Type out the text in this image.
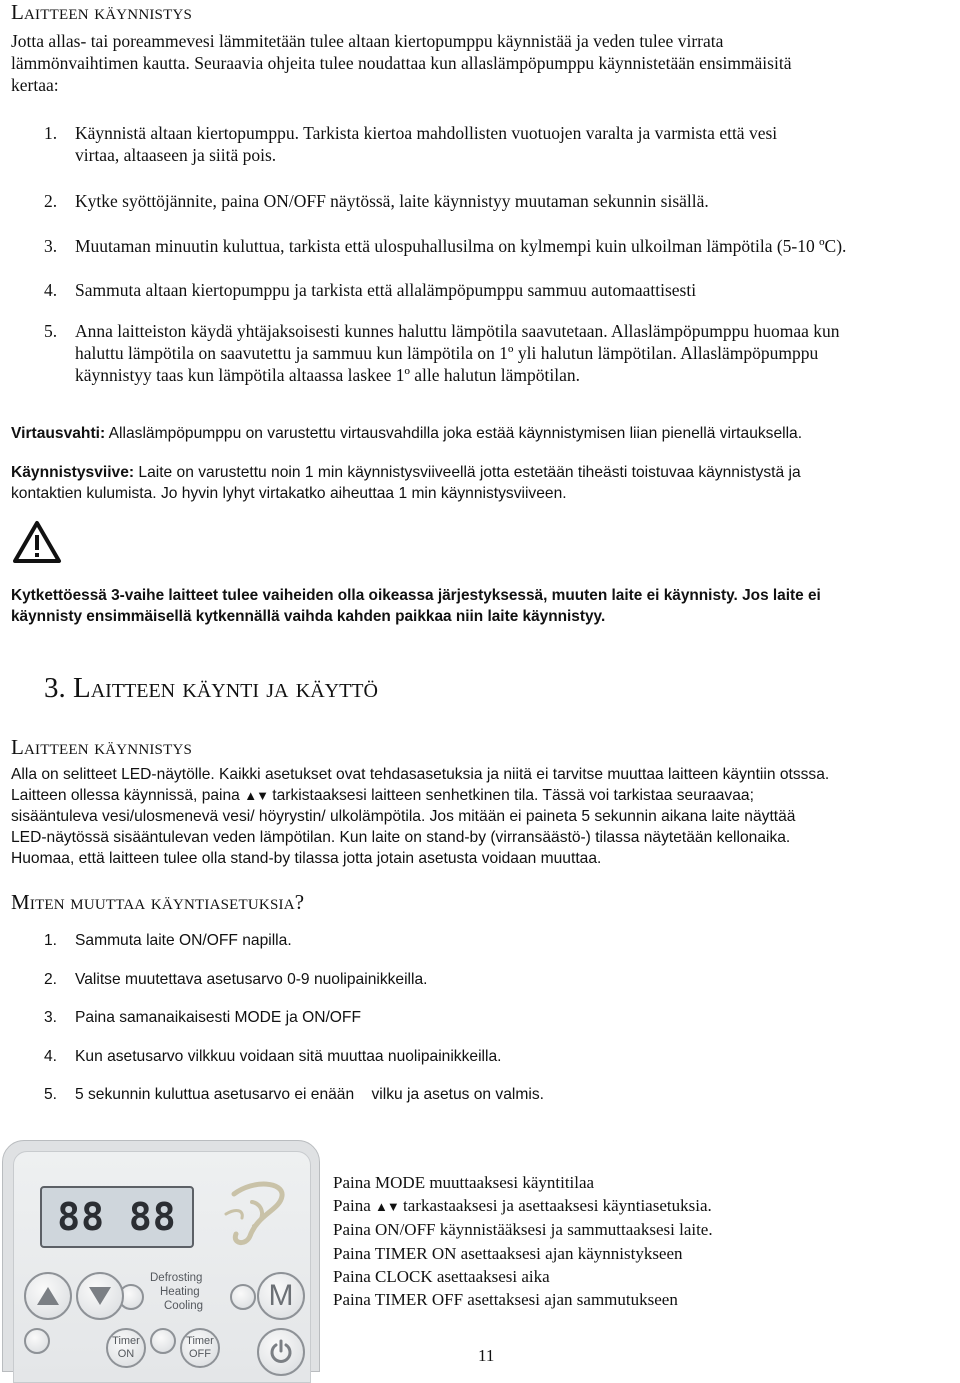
Laitteen käynnistys
Jotta allas- tai poreammevesi lämmitetään tulee altaan kiertopumppu käynnistää ja veden tulee virrata
lämmönvaihtimen kautta. Seuraavia ohjeita tulee noudattaa kun allaslämpöpumppu käynnistetään ensimmäisitä
kertaa:
1. Käynnistä altaan kiertopumppu. Tarkista kiertoa mahdollisten vuotuojen varalta ja varmista että vesi
virtaa, altaaseen ja siitä pois.
2. Kytke syöttöjännite, paina ON/OFF näytössä, laite käynnistyy muutaman sekunnin sisällä.
3. Muutaman minuutin kuluttua, tarkista että ulospuhallusilma on kylmempi kuin ulkoilman lämpötila (5-10 ºC).
4. Sammuta altaan kiertopumppu ja tarkista että allalämpöpumppu sammuu automaattisesti
5. Anna laitteiston käydä yhtäjaksoisesti kunnes haluttu lämpötila saavutetaan. Allaslämpöpumppu huomaa kun
haluttu lämpötila on saavutettu ja sammuu kun lämpötila on 1º yli halutun lämpötilan. Allaslämpöpumppu
käynnistyy taas kun lämpötila altaassa laskee 1º alle halutun lämpötilan.
Virtausvahti: Allaslämpöpumppu on varustettu virtausvahdilla joka estää käynnistymisen liian pienellä virtauksella.
Käynnistysviive: Laite on varustettu noin 1 min käynnistysviiveellä jotta estetään tiheästi toistuvaa käynnistystä ja
kontaktien kulumista. Jo hyvin lyhyt virtakatko aiheuttaa 1 min käynnistysviiveen.
Kytkettöessä 3-vaihe laitteet tulee vaiheiden olla oikeassa järjestyksessä, muuten laite ei käynnisty. Jos laite ei
käynnisty ensimmäisellä kytkennällä vaihda kahden paikkaa niin laite käynnistyy.
3. Laitteen käynti ja käyttö
Laitteen käynnistys
Alla on selitteet LED-näytölle. Kaikki asetukset ovat tehdasasetuksia ja niitä ei tarvitse muuttaa laitteen käyntiin otsssa.
Laitteen ollessa käynnissä, paina ▲▼ tarkistaaksesi laitteen senhetkinen tila. Tässä voi tarkistaa seuraavaa;
sisääntuleva vesi/ulosmenevä vesi/ höyrystin/ ulkolämpötila. Jos mitään ei paineta 5 sekunnin aikana laite näyttää
LED-näytössä sisääntulevan veden lämpötilan. Kun laite on stand-by (virransäästö-) tilassa näytetään kellonaika.
Huomaa, että laitteen tulee olla stand-by tilassa jotta jotain asetusta voidaan muuttaa.
Miten muuttaa käyntiasetuksia?
1. Sammuta laite ON/OFF napilla.
2. Valitse muutettava asetusarvo 0-9 nuolipainikkeilla.
3. Paina samanaikaisesti MODE ja ON/OFF
4. Kun asetusarvo vilkkuu voidaan sitä muuttaa nuolipainikkeilla.
5. 5 sekunnin kuluttua asetusarvo ei enään    vilku ja asetus on valmis.
88 88
Defrosting
Heating
Cooling	M
Timer
ON
Timer
OFF
Paina MODE muuttaaksesi käyntitilaa
Paina ▲▼ tarkastaaksesi ja asettaaksesi käyntiasetuksia.
Paina ON/OFF käynnistääksesi ja sammuttaaksesi laite.
Paina TIMER ON asettaaksesi ajan käynnistykseen
Paina CLOCK asettaaksesi aika
Paina TIMER OFF asettaksesi ajan sammutukseen
11
